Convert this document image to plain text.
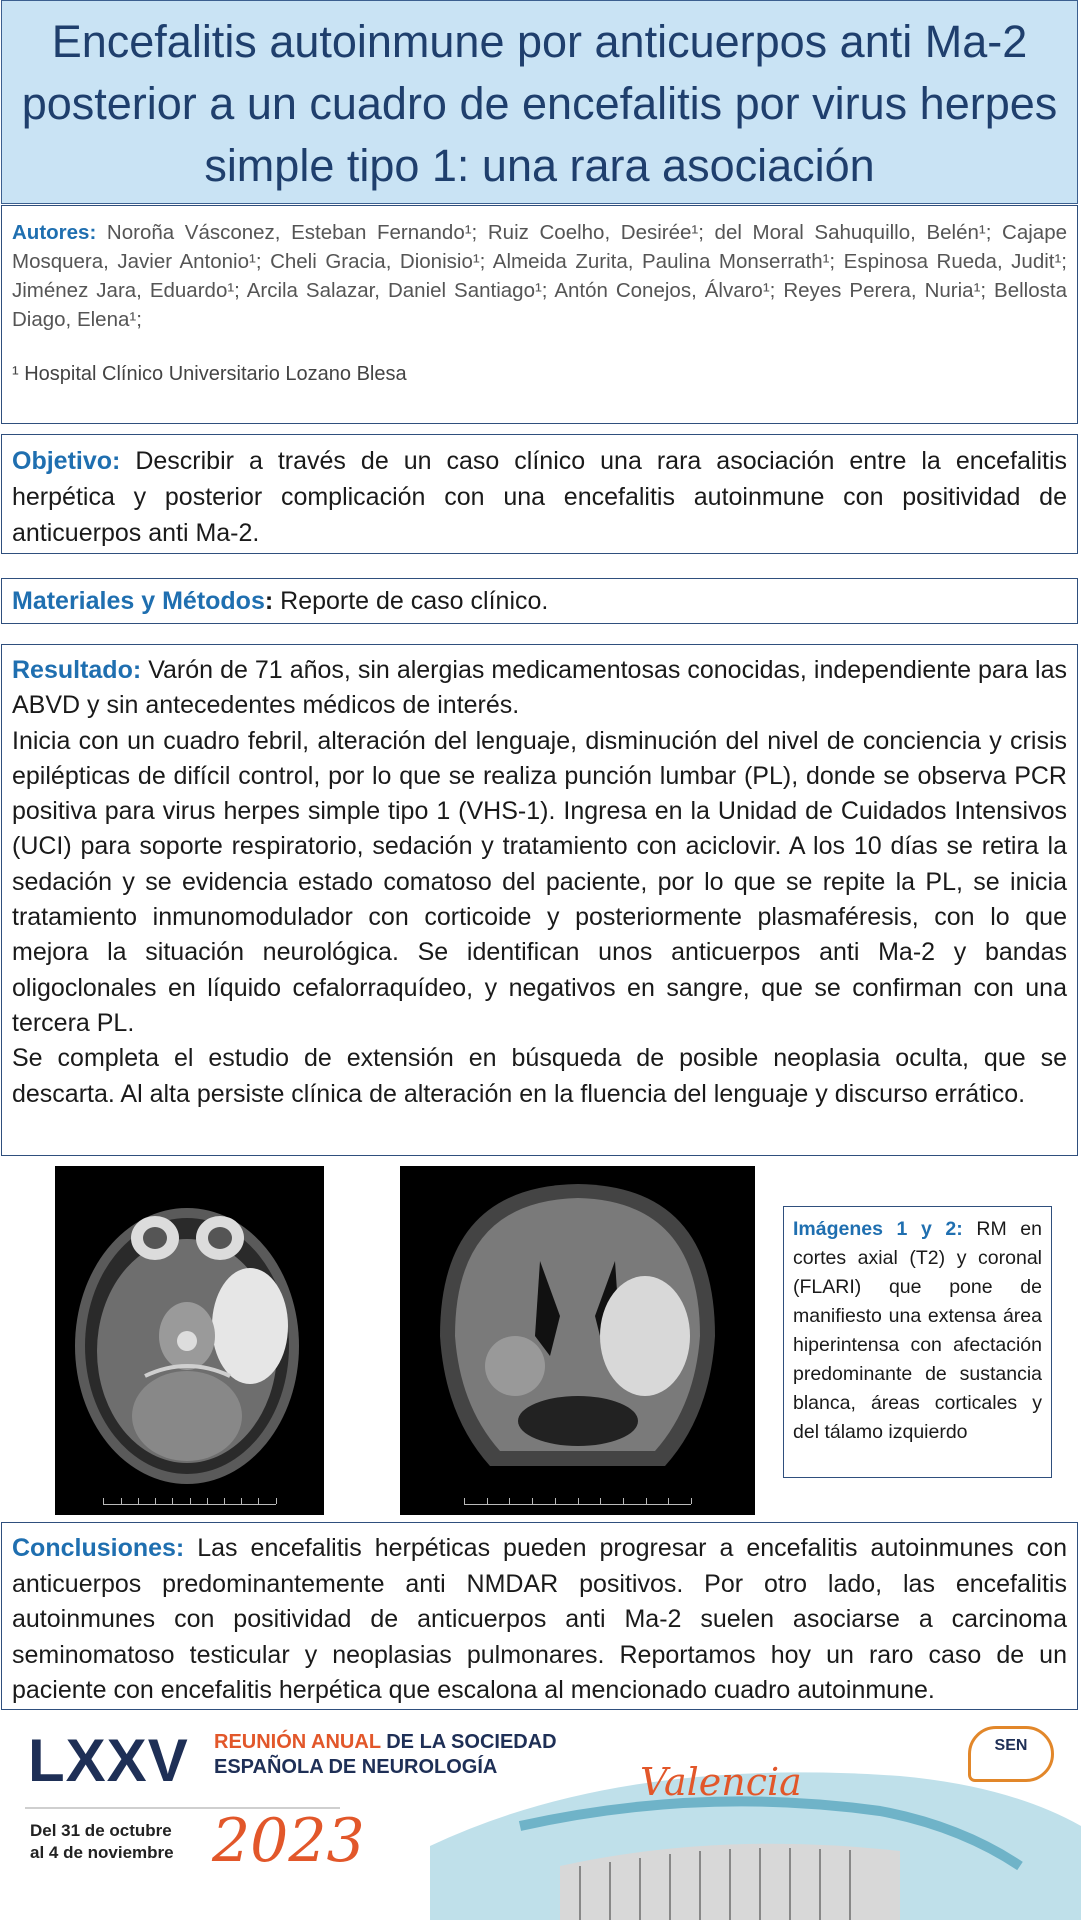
Encefalitis autoinmune por anticuerpos anti Ma-2 posterior a un cuadro de encefalitis por virus herpes simple tipo 1: una rara asociación
Autores: Noroña Vásconez, Esteban Fernando¹; Ruiz Coelho, Desirée¹; del Moral Sahuquillo, Belén¹; Cajape Mosquera, Javier Antonio¹; Cheli Gracia, Dionisio¹; Almeida Zurita, Paulina Monserrath¹; Espinosa Rueda, Judit¹; Jiménez Jara, Eduardo¹; Arcila Salazar, Daniel Santiago¹; Antón Conejos, Álvaro¹; Reyes Perera, Nuria¹; Bellosta Diago, Elena¹;
¹ Hospital Clínico Universitario Lozano Blesa
Objetivo: Describir a través de un caso clínico una rara asociación entre la encefalitis herpética y posterior complicación con una encefalitis autoinmune con positividad de anticuerpos anti Ma-2.
Materiales y Métodos: Reporte de caso clínico.

Resultado: Varón de 71 años, sin alergias medicamentosas conocidas, independiente para las ABVD y sin antecedentes médicos de interés.

Inicia con un cuadro febril, alteración del lenguaje, disminución del nivel de conciencia y crisis epilépticas de difícil control, por lo que se realiza punción lumbar (PL), donde se observa PCR positiva para virus herpes simple tipo 1 (VHS-1). Ingresa en la Unidad de Cuidados Intensivos (UCI) para soporte respiratorio, sedación y tratamiento con aciclovir. A los 10 días se retira la sedación y se evidencia estado comatoso del paciente, por lo que se repite la PL, se inicia tratamiento inmunomodulador con corticoide y posteriormente plasmaféresis, con lo que mejora la situación neurológica. Se identifican unos anticuerpos anti Ma-2 y bandas oligoclonales en líquido cefalorraquídeo, y negativos en sangre, que se confirman con una tercera PL.

Se completa el estudio de extensión en búsqueda de posible neoplasia oculta, que se descarta. Al alta persiste clínica de alteración en la fluencia del lenguaje y discurso errático.

Imágenes 1 y 2: RM en cortes axial (T2) y coronal (FLARI) que pone de manifiesto una extensa área hiperintensa con afectación predominante de sustancia blanca, áreas corticales y del tálamo izquierdo
Conclusiones: Las encefalitis herpéticas pueden progresar a encefalitis autoinmunes con anticuerpos predominantemente anti NMDAR positivos. Por otro lado, las encefalitis autoinmunes con positividad de anticuerpos anti Ma-2 suelen asociarse a carcinoma seminomatoso testicular y neoplasias pulmonares. Reportamos hoy un raro caso de un paciente con encefalitis herpética que escalona al mencionado cuadro autoinmune.
LXXV REUNIÓN ANUAL DE LA SOCIEDAD
ESPAÑOLA DE NEUROLOGÍA
Del 31 de octubre
al 4 de noviembre 2023
Valencia
SEN
